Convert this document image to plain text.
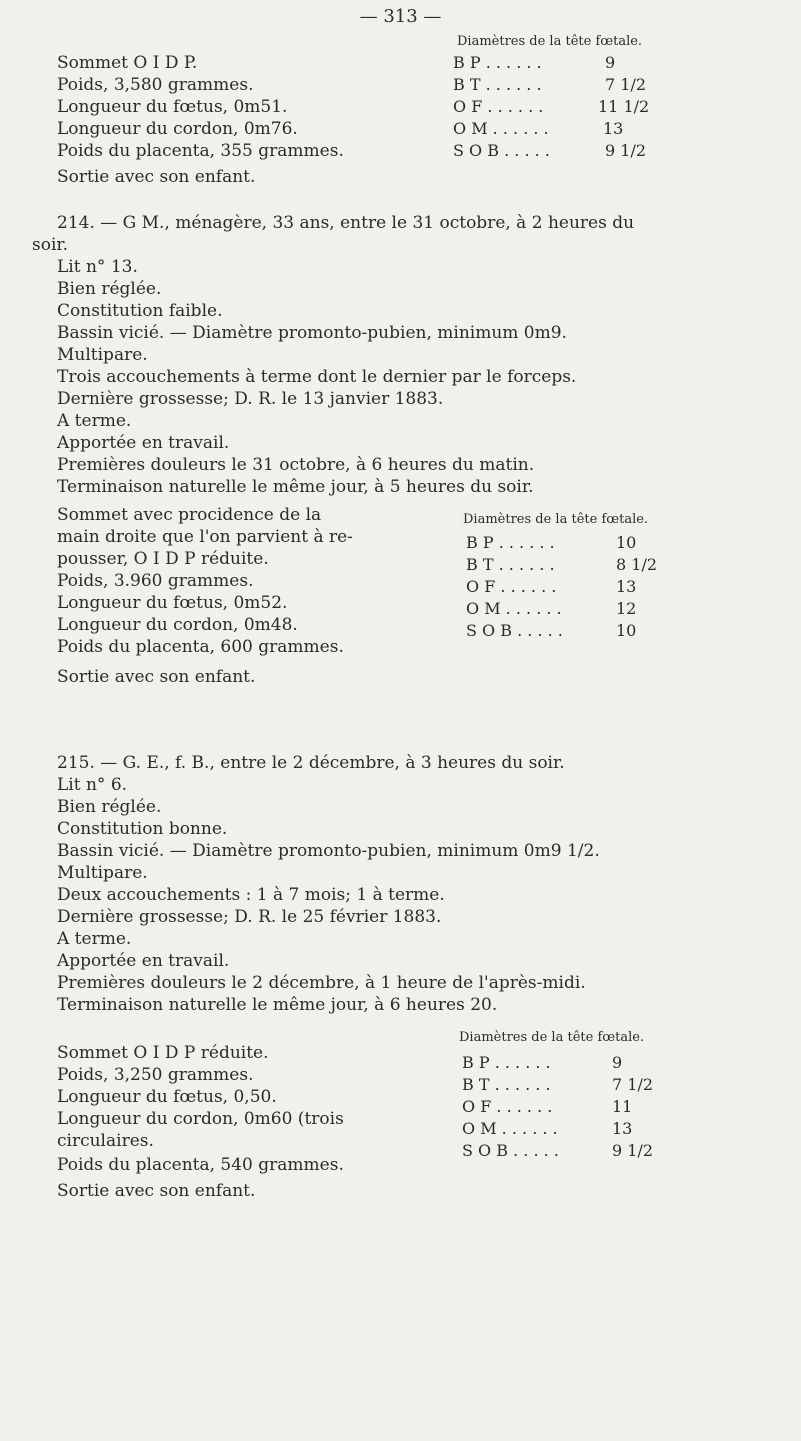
— 313 —
Diamètres de la tête fœtale.
Sommet O I D P.
Poids, 3,580 grammes.
Longueur du fœtus, 0m51.
Longueur du cordon, 0m76.
Poids du placenta, 355 grammes.
Sortie avec son enfant.
B P . . . . . .	9
B T . . . . . .	7 1/2
O F . . . . . .	11 1/2
O M . . . . . .	13
S O B . . . . .	9 1/2
214. — G M., ménagère, 33 ans, entre le 31 octobre, à 2 heures du
soir.
Lit n° 13.
Bien réglée.
Constitution faible.
Bassin vicié. — Diamètre promonto-pubien, minimum 0m9.
Multipare.
Trois accouchements à terme dont le dernier par le forceps.
Dernière grossesse; D. R. le 13 janvier 1883.
A terme.
Apportée en travail.
Premières douleurs le 31 octobre, à 6 heures du matin.
Terminaison naturelle le même jour, à 5 heures du soir.
Sommet avec procidence de la
main droite que l'on parvient à re-
pousser, O I D P réduite.
Poids, 3.960 grammes.
Longueur du fœtus, 0m52.
Longueur du cordon, 0m48.
Poids du placenta, 600 grammes.
Sortie avec son enfant.
Diamètres de la tête fœtale.
B P . . . . . .	10
B T . . . . . .	8 1/2
O F . . . . . .	13
O M . . . . . .	12
S O B . . . . .	10
215. — G. E., f. B., entre le 2 décembre, à 3 heures du soir.
Lit n° 6.
Bien réglée.
Constitution bonne.
Bassin vicié. — Diamètre promonto-pubien, minimum 0m9 1/2.
Multipare.
Deux accouchements : 1 à 7 mois; 1 à terme.
Dernière grossesse; D. R. le 25 février 1883.
A terme.
Apportée en travail.
Premières douleurs le 2 décembre, à 1 heure de l'après-midi.
Terminaison naturelle le même jour, à 6 heures 20.
Diamètres de la tête fœtale.
Sommet O I D P réduite.
Poids, 3,250 grammes.
Longueur du fœtus, 0,50.
Longueur du cordon, 0m60 (trois
circulaires.
Poids du placenta, 540 grammes.
Sortie avec son enfant.
B P . . . . . .	9
B T . . . . . .	7 1/2
O F . . . . . .	11
O M . . . . . .	13
S O B . . . . .	9 1/2
